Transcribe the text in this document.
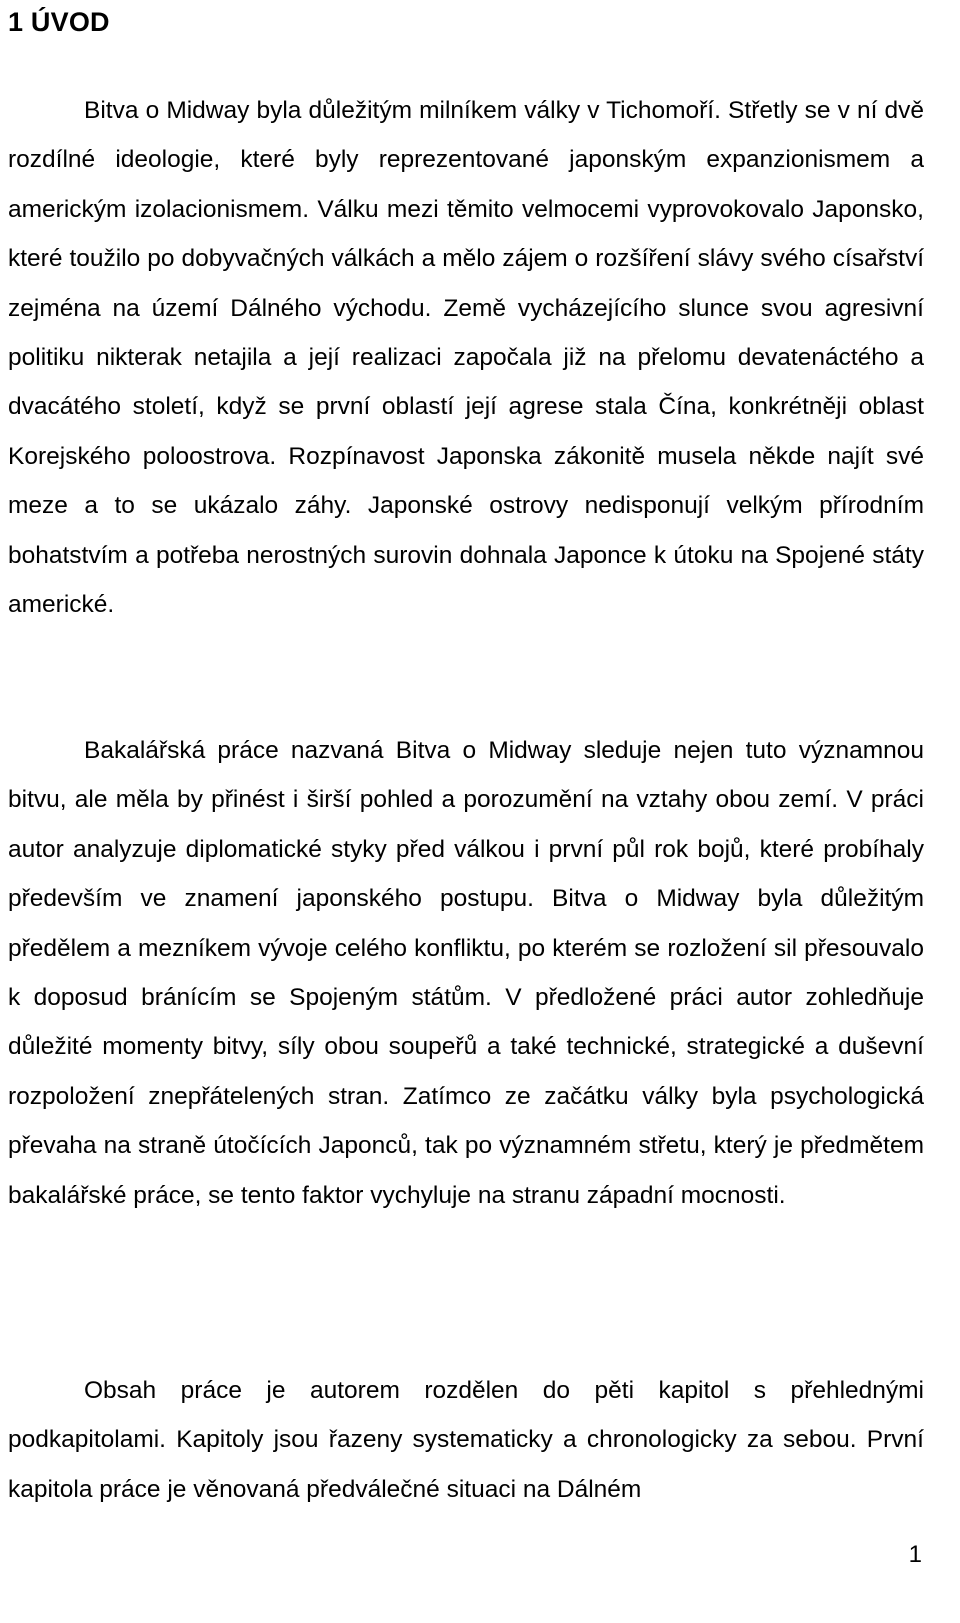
1 ÚVOD

Bitva o Midway byla důležitým milníkem války v Tichomoří. Střetly se v ní dvě rozdílné ideologie, které byly reprezentované japonským expanzionismem a americkým izolacionismem. Válku mezi těmito velmocemi vyprovokovalo Japonsko, které toužilo po dobyvačných válkách a mělo zájem o rozšíření slávy svého císařství zejména na území Dálného východu. Země vycházejícího slunce svou agresivní politiku nikterak netajila a její realizaci započala již na přelomu devatenáctého a dvacátého století, když se první oblastí její agrese stala Čína, konkrétněji oblast Korejského poloostrova. Rozpínavost Japonska zákonitě musela někde najít své meze a to se ukázalo záhy. Japonské ostrovy nedisponují velkým přírodním bohatstvím a potřeba nerostných surovin dohnala Japonce k útoku na Spojené státy americké.

Bakalářská práce nazvaná Bitva o Midway sleduje nejen tuto významnou bitvu, ale měla by přinést i širší pohled a porozumění na vztahy obou zemí. V práci autor analyzuje diplomatické styky před válkou i první půl rok bojů, které probíhaly především ve znamení japonského postupu. Bitva o Midway byla důležitým předělem a mezníkem vývoje celého konfliktu, po kterém se rozložení sil přesouvalo k doposud bránícím se Spojeným státům. V předložené práci autor zohledňuje důležité momenty bitvy, síly obou soupeřů a také technické, strategické a duševní rozpoložení znepřátelených stran. Zatímco ze začátku války byla psychologická převaha na straně útočících Japonců, tak po významném střetu, který je předmětem bakalářské práce, se tento faktor vychyluje na stranu západní mocnosti.

Obsah práce je autorem rozdělen do pěti kapitol s přehlednými podkapitolami. Kapitoly jsou řazeny systematicky a chronologicky za sebou. První kapitola práce je věnovaná předválečné situaci na Dálném

1
